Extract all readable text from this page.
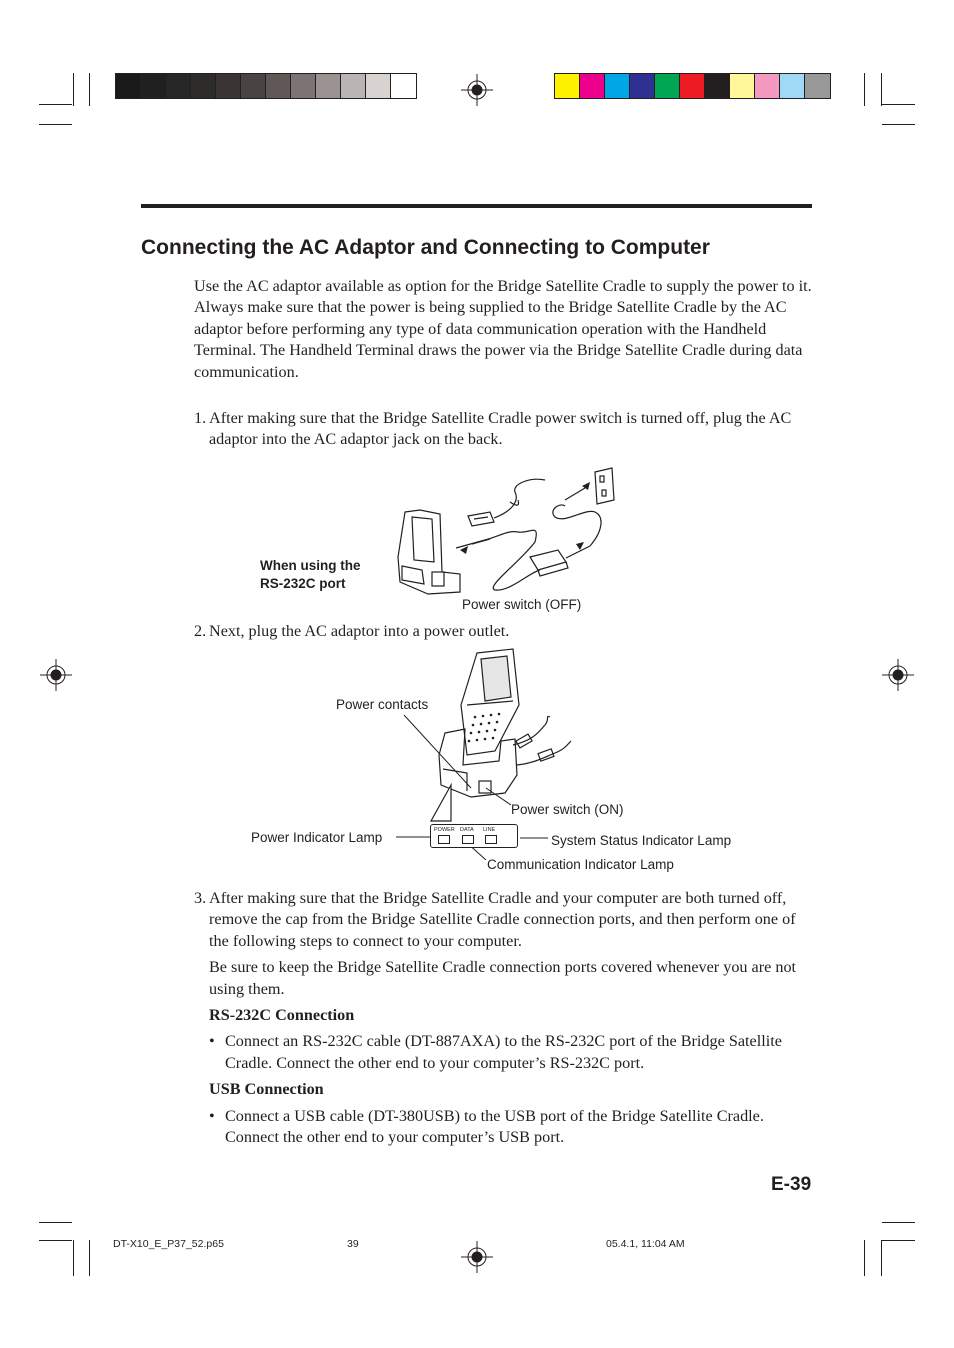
Connecting the AC Adaptor and Connecting to Computer

Use the AC adaptor available as option for the Bridge Satellite Cradle to supply the power to it. Always make sure that the power is being supplied to the Bridge Satellite Cradle by the AC adaptor before performing any type of data communication operation with the Handheld Terminal. The Handheld Terminal draws the power via the Bridge Satellite Cradle during data communication.

1. After making sure that the Bridge Satellite Cradle power switch is turned off, plug the AC adaptor into the AC adaptor jack on the back.

When using the
RS-232C port
Power switch (OFF)
2. Next, plug the AC adaptor into a power outlet.

Power contacts
Power switch (ON)
Power Indicator Lamp	System Status Indicator Lamp
Communication Indicator Lamp
POWER DATA LINE
3. After making sure that the Bridge Satellite Cradle and your computer are both turned off, remove the cap from the Bridge Satellite Cradle connection ports, and then perform one of the following steps to connect to your computer.

Be sure to keep the Bridge Satellite Cradle connection ports covered whenever you are not using them.

RS-232C Connection

• Connect an RS-232C cable (DT-887AXA) to the RS-232C port of the Bridge Satellite Cradle. Connect the other end to your computer’s RS-232C port.

USB Connection

• Connect a USB cable (DT-380USB) to the USB port of the Bridge Satellite Cradle. Connect the other end to your computer’s USB port.

E-39
DT-X10_E_P37_52.p65	39	05.4.1, 11:04 AM
